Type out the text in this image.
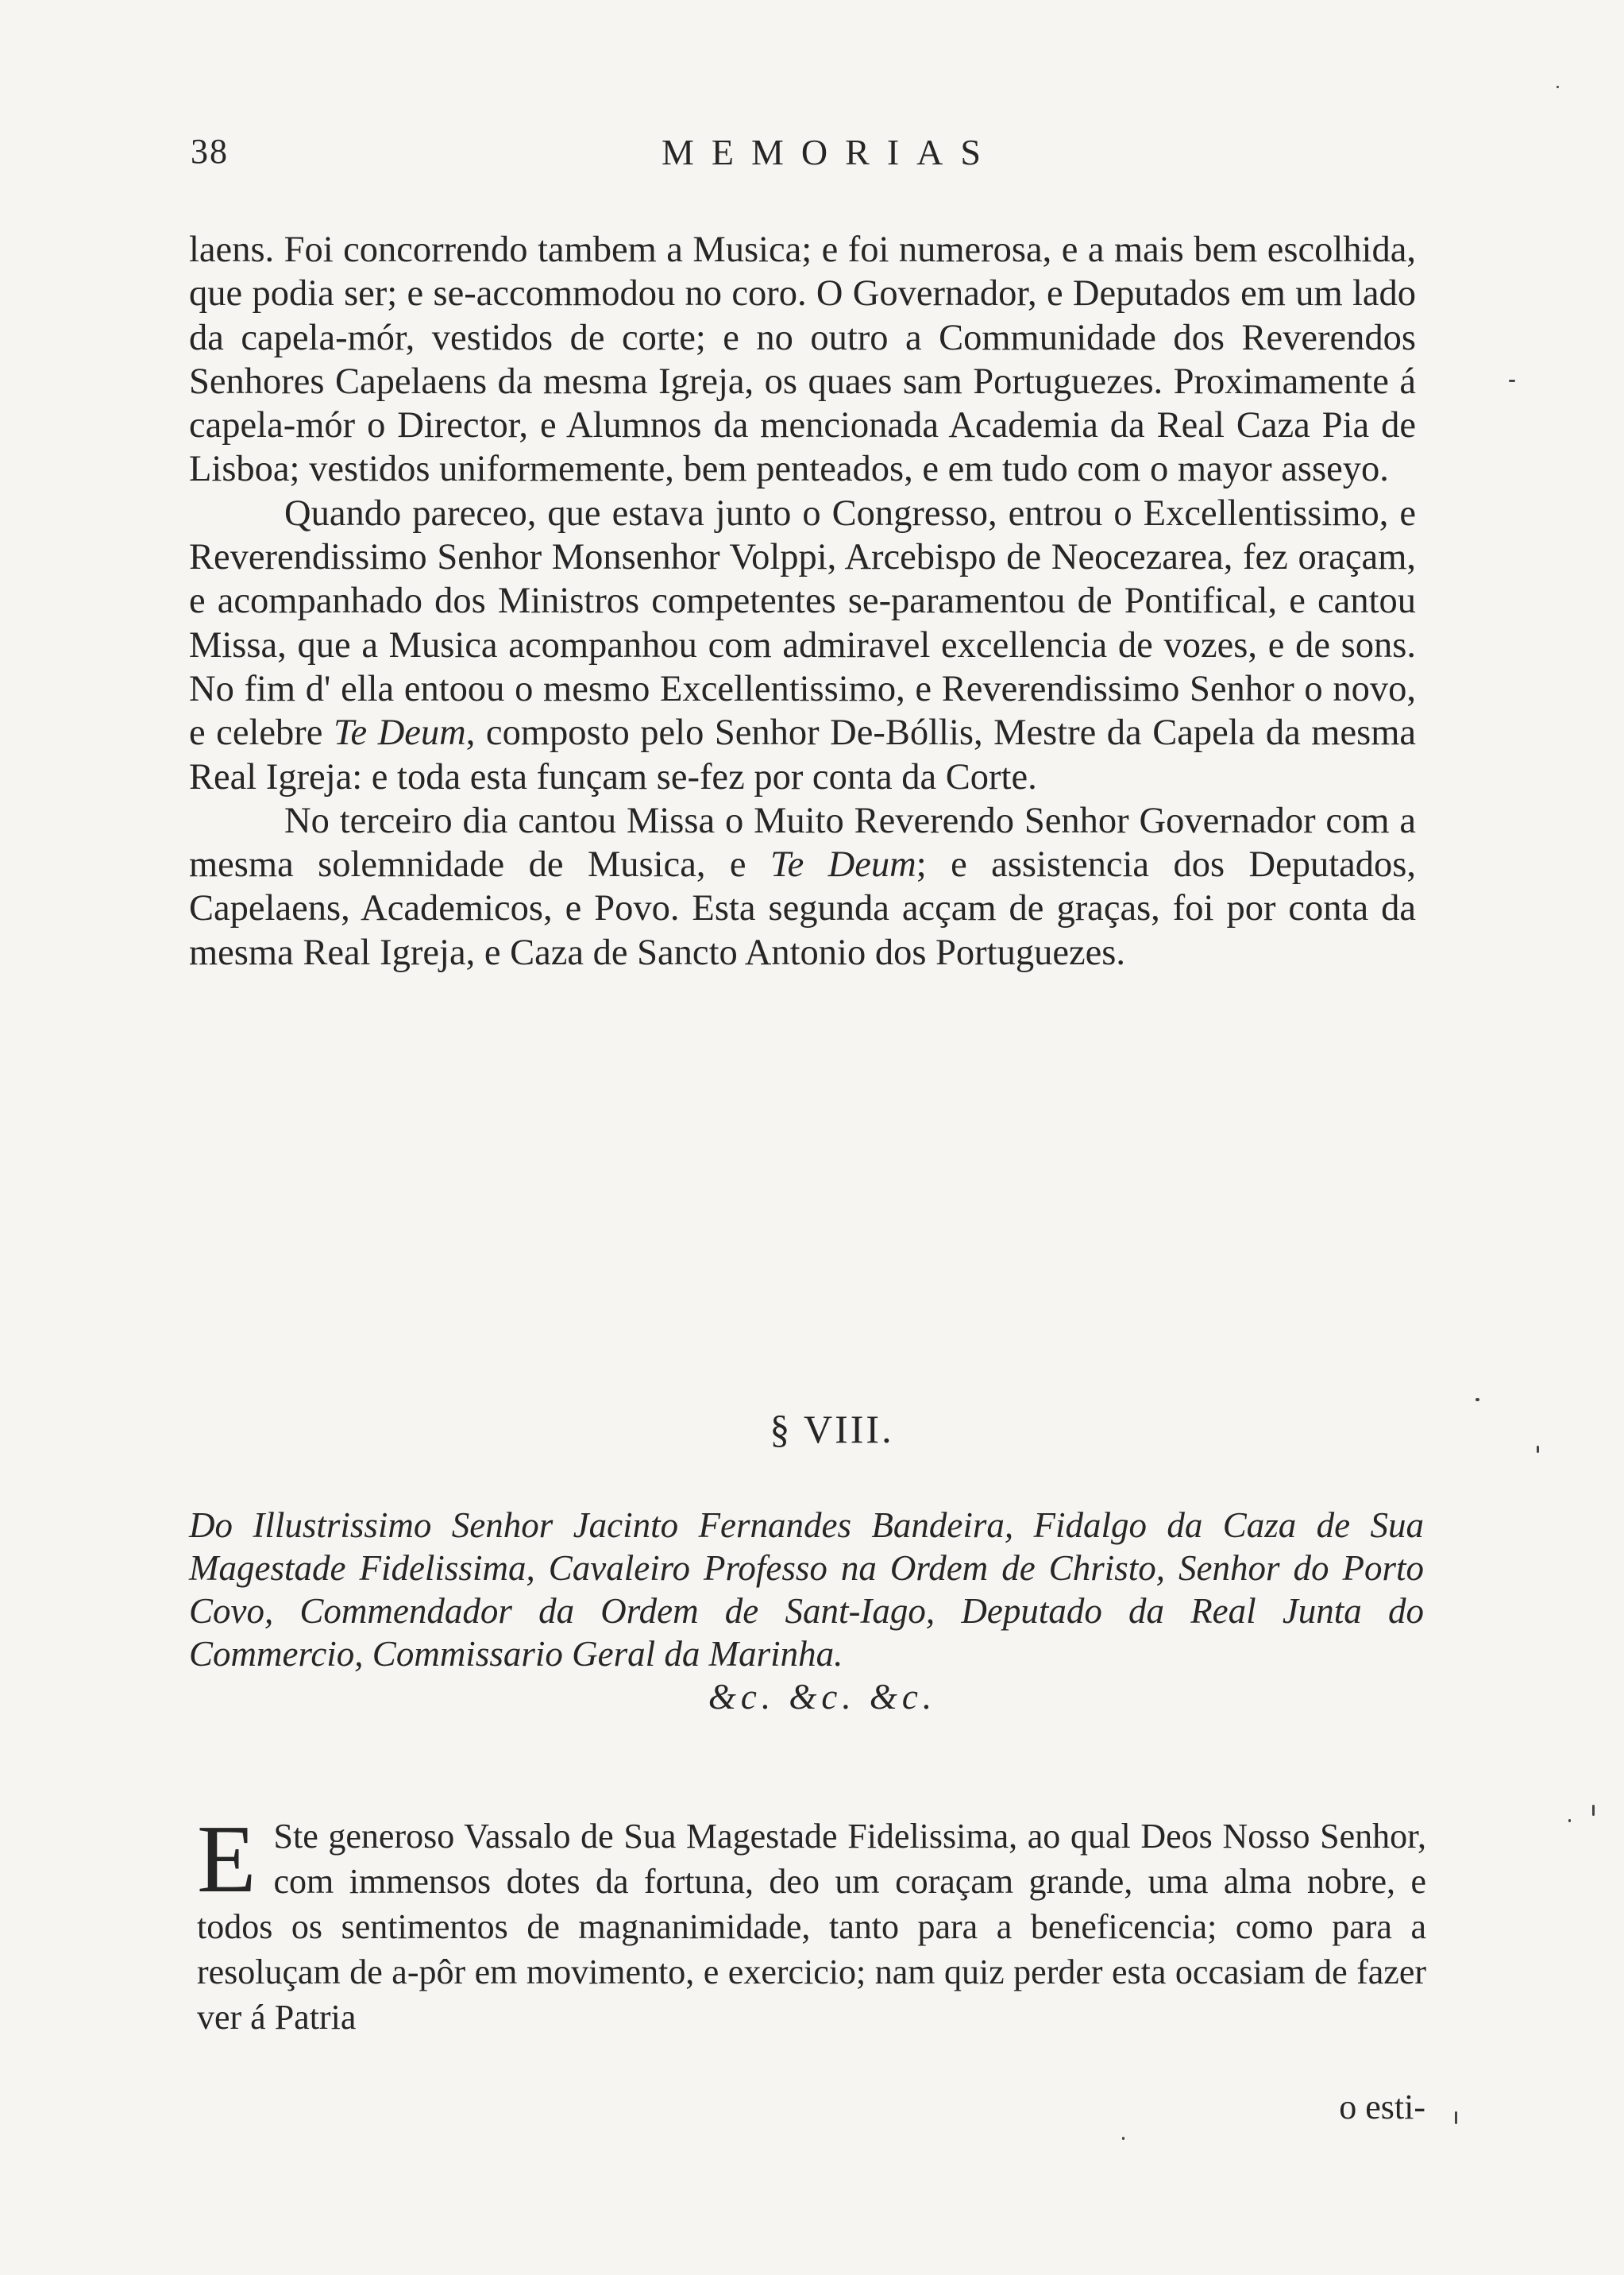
38	MEMORIAS

laens. Foi concorrendo tambem a Musica; e foi numerosa, e a mais bem escolhida, que podia ser; e se-accommodou no coro. O Governador, e Deputados em um lado da capela-mór, vestidos de corte; e no outro a Communidade dos Reverendos Senhores Capelaens da mesma Igreja, os quaes sam Portuguezes. Proximamente á capela-mór o Director, e Alumnos da mencionada Academia da Real Caza Pia de Lisboa; vestidos uniformemente, bem penteados, e em tudo com o mayor asseyo.

Quando pareceo, que estava junto o Congresso, entrou o Excellentissimo, e Reverendissimo Senhor Monsenhor Volppi, Arcebispo de Neocezarea, fez oraçam, e acompanhado dos Ministros competentes se-paramentou de Pontifical, e cantou Missa, que a Musica acompanhou com admiravel excellencia de vozes, e de sons. No fim d' ella entoou o mesmo Excellentissimo, e Reverendissimo Senhor o novo, e celebre Te Deum, composto pelo Senhor De-Bóllis, Mestre da Capela da mesma Real Igreja: e toda esta funçam se-fez por conta da Corte.

No terceiro dia cantou Missa o Muito Reverendo Senhor Governador com a mesma solemnidade de Musica, e Te Deum; e assistencia dos Deputados, Capelaens, Academicos, e Povo. Esta segunda acçam de graças, foi por conta da mesma Real Igreja, e Caza de Sancto Antonio dos Portuguezes.

§ VIII.

Do Illustrissimo Senhor Jacinto Fernandes Bandeira, Fidalgo da Caza de Sua Magestade Fidelissima, Cavaleiro Professo na Ordem de Christo, Senhor do Porto Covo, Commendador da Ordem de Sant-Iago, Deputado da Real Junta do Commercio, Commissario Geral da Marinha.

&c. &c. &c.

E Ste generoso Vassalo de Sua Magestade Fidelissima, ao qual Deos Nosso Senhor, com immensos dotes da fortuna, deo um coraçam grande, uma alma nobre, e todos os sentimentos de magnanimidade, tanto para a beneficencia; como para a resoluçam de a-pôr em movimento, e exercicio; nam quiz perder esta occasiam de fazer ver á Patria
o esti-
